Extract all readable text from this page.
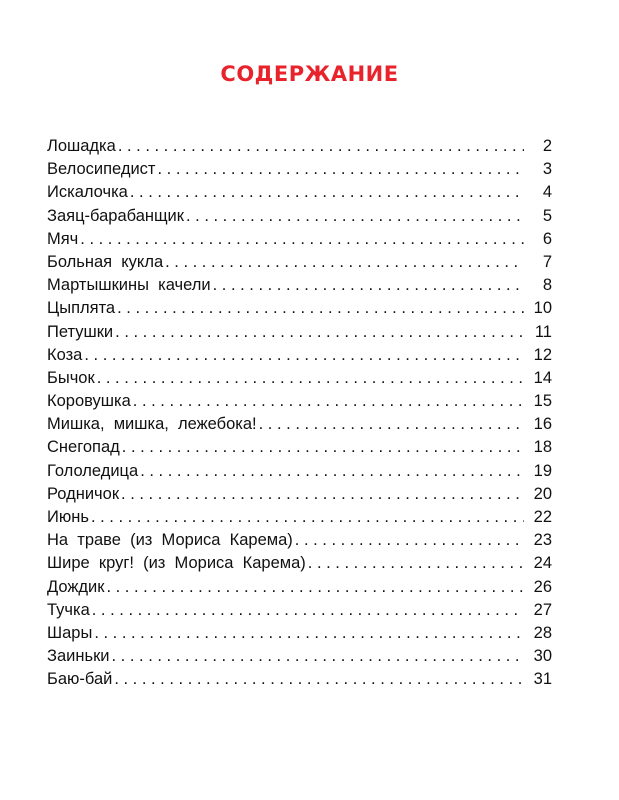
СОДЕРЖАНИЕ
Лошадка . . .	2
Велосипедист . . .	3
Искалочка . . .	4
Заяц-барабанщик . . .	5
Мяч . . .	6
Больная  кукла . . .	7
Мартышкины  качели . . .	8
Цыплята . . .	10
Петушки . . .	11
Коза . . .	12
Бычок . . .	14
Коровушка . . .	15
Мишка,  мишка,  лежебока! . . .	16
Снегопад . . .	18
Гололедица . . .	19
Родничок . . .	20
Июнь . . .	22
На  траве  (из  Мориса  Карема) . . .	23
Шире  круг!  (из  Мориса  Карема) . . .	24
Дождик . . .	26
Тучка . . .	27
Шары . . .	28
Заиньки . . .	30
Баю-бай . . .	31
